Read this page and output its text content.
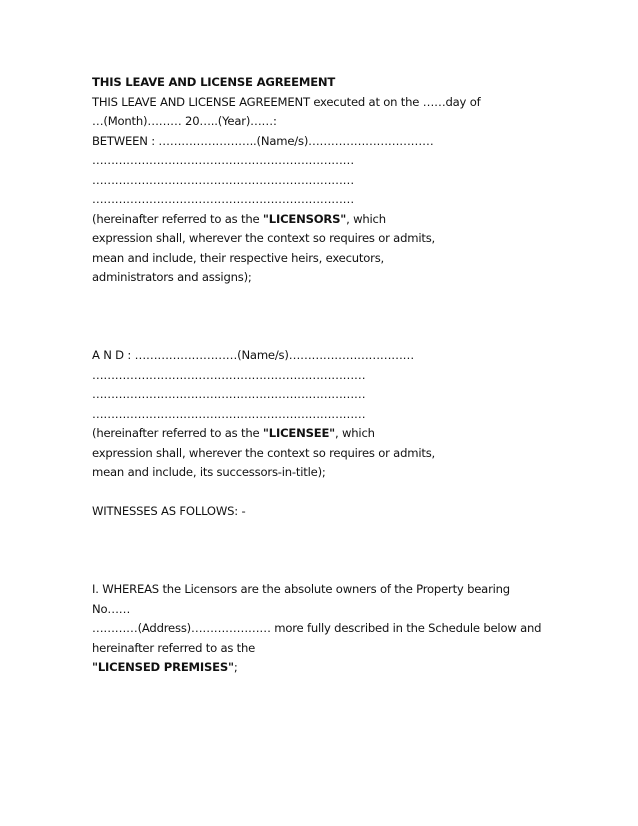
THIS LEAVE AND LICENSE AGREEMENT
THIS LEAVE AND LICENSE AGREEMENT executed at on the ……day of
…(Month)……… 20…..(Year)……:
BETWEEN : ……………………..(Name/s)……………………………
……………………………………………………………
……………………………………………………………
……………………………………………………………
(hereinafter referred to as the "LICENSORS", which
expression shall, wherever the context so requires or admits,
mean and include, their respective heirs, executors,
administrators and assigns);
A N D : ………………………(Name/s)……………………………
………………………………………………………………
………………………………………………………………
………………………………………………………………
(hereinafter referred to as the "LICENSEE", which
expression shall, wherever the context so requires or admits,
mean and include, its successors-in-title);
WITNESSES AS FOLLOWS: -
I. WHEREAS the Licensors are the absolute owners of the Property bearing
No……
…………(Address)………………… more fully described in the Schedule below and
hereinafter referred to as the
"LICENSED PREMISES";
